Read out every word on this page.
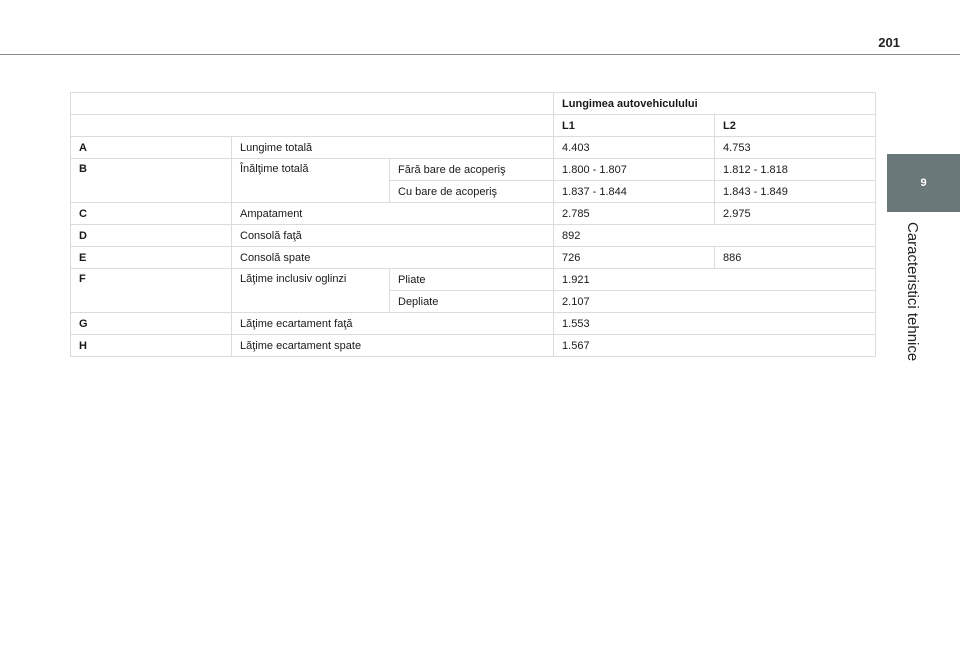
201
9
Caracteristici tehnice
			Lungimea autovehiculului	
			L1	L2
A	Lungime totală		4.403	4.753
B	Înălţime totală	Fără bare de acoperiş	1.800 - 1.807	1.812 - 1.818
		Cu bare de acoperiş	1.837 - 1.844	1.843 - 1.849
C	Ampatament		2.785	2.975
D	Consolă faţă		892	
E	Consolă spate		726	886
F	Lăţime inclusiv oglinzi	Pliate	1.921	
		Depliate	2.107	
G	Lăţime ecartament faţă		1.553	
H	Lăţime ecartament spate		1.567	
